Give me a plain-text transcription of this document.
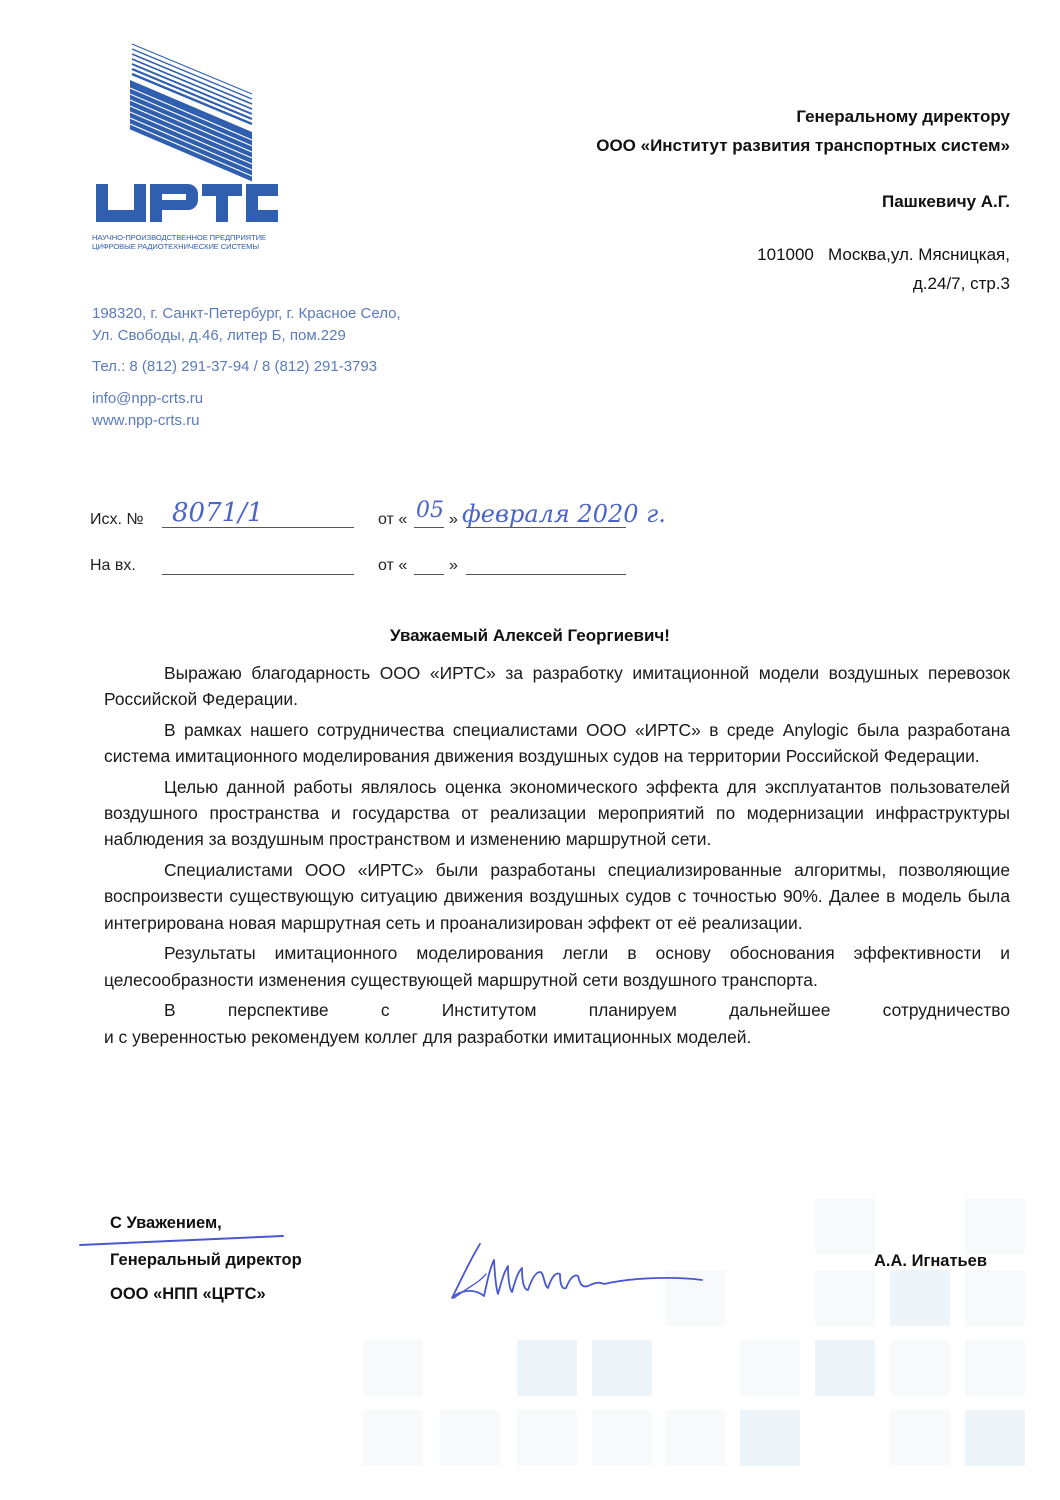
НАУЧНО-ПРОИЗВОДСТВЕННОЕ ПРЕДПРИЯТИЕ
ЦИФРОВЫЕ РАДИОТЕХНИЧЕСКИЕ СИСТЕМЫ
198320, г. Санкт-Петербург, г. Красное Село,
Ул. Свободы, д.46, литер Б, пом.229
Тел.: 8 (812) 291-37-94 / 8 (812) 291-3793
info@npp-crts.ru
www.npp-crts.ru
Генеральному директору
ООО «Институт развития транспортных систем»
Пашкевичу А.Г.
101000   Москва,ул. Мясницкая,
д.24/7, стр.3
Исх. № 8071/1	от « 05 » февраля 2020 г.
На вх.	от «	»
Уважаемый Алексей Георгиевич!

Выражаю благодарность ООО «ИРТС» за разработку имитационной модели воздушных перевозок Российской Федерации.

В рамках нашего сотрудничества специалистами ООО «ИРТС» в среде Anylogic была разработана система имитационного моделирования движения воздушных судов на территории Российской Федерации.

Целью данной работы являлось оценка экономического эффекта для эксплуатантов пользователей воздушного пространства и государства от реализации мероприятий по модернизации инфраструктуры наблюдения за воздушным пространством и изменению маршрутной сети.

Специалистами ООО «ИРТС» были разработаны специализированные алгоритмы, позволяющие воспроизвести существующую ситуацию движения воздушных судов с точностью 90%. Далее в модель была интегрирована новая маршрутная сеть и проанализирован эффект от её реализации.

Результаты имитационного моделирования легли в основу обоснования эффективности и целесообразности изменения существующей маршрутной сети воздушного транспорта.

В перспективе с Институтом планируем дальнейшее сотрудничество

и с уверенностью рекомендуем коллег для разработки имитационных моделей.

С Уважением,
Генеральный директор
ООО «НПП «ЦРТС»
А.А. Игнатьев
